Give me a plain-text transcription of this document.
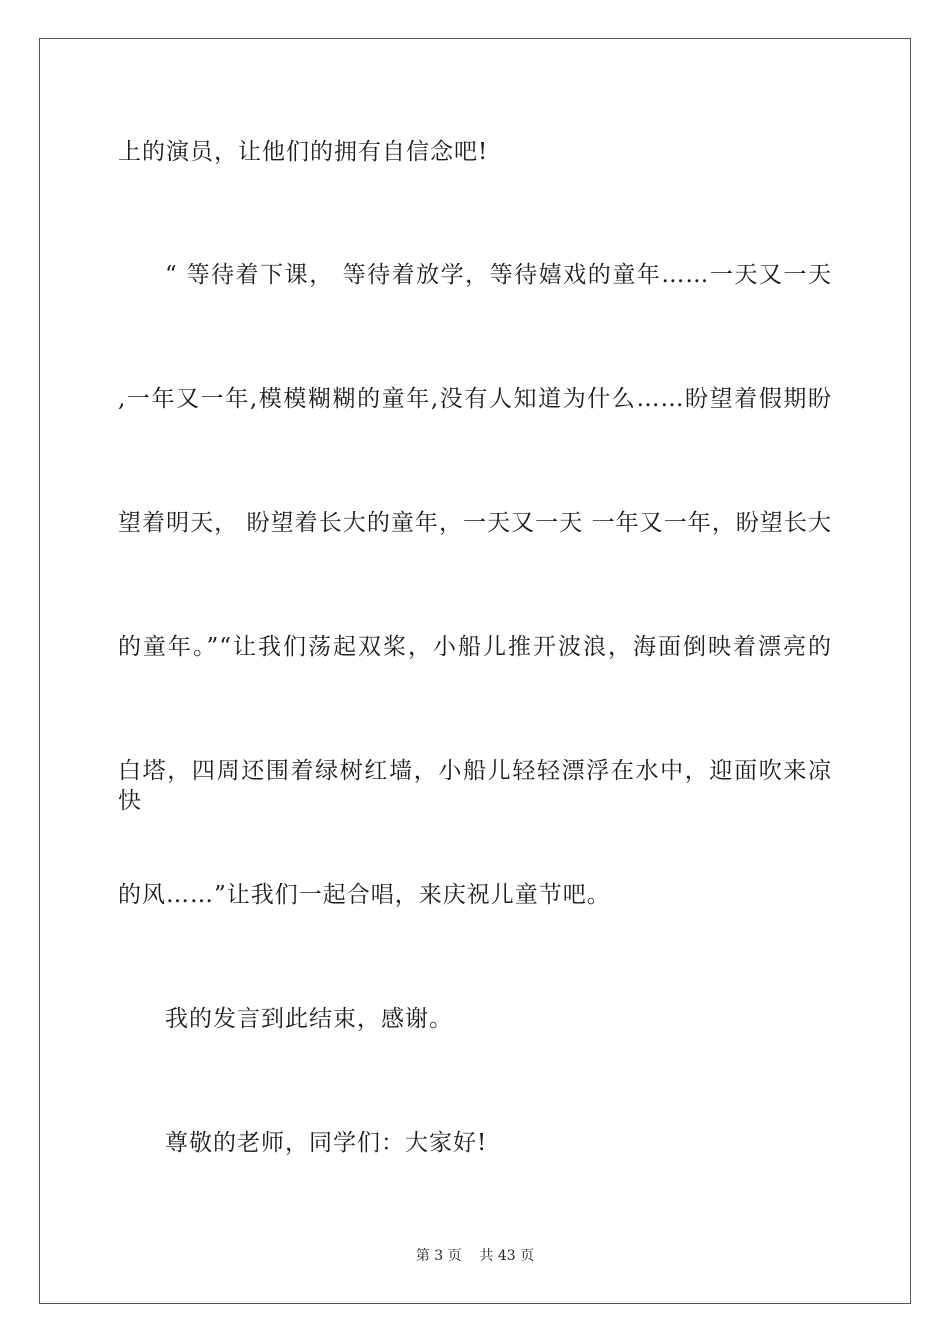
上的演员，让他们的拥有自信念吧!
“ 等待着下课， 等待着放学，等待嬉戏的童年……一天又一天
,一年又一年,模模糊糊的童年,没有人知道为什么……盼望着假期盼
望着明天， 盼望着长大的童年，一天又一天 一年又一年，盼望长大
的童年。”“让我们荡起双桨，小船儿推开波浪，海面倒映着漂亮的
白塔，四周还围着绿树红墙，小船儿轻轻漂浮在水中，迎面吹来凉快
的风……”让我们一起合唱，来庆祝儿童节吧。
我的发言到此结束，感谢。
尊敬的老师，同学们：大家好!
第 3 页    共 43 页
